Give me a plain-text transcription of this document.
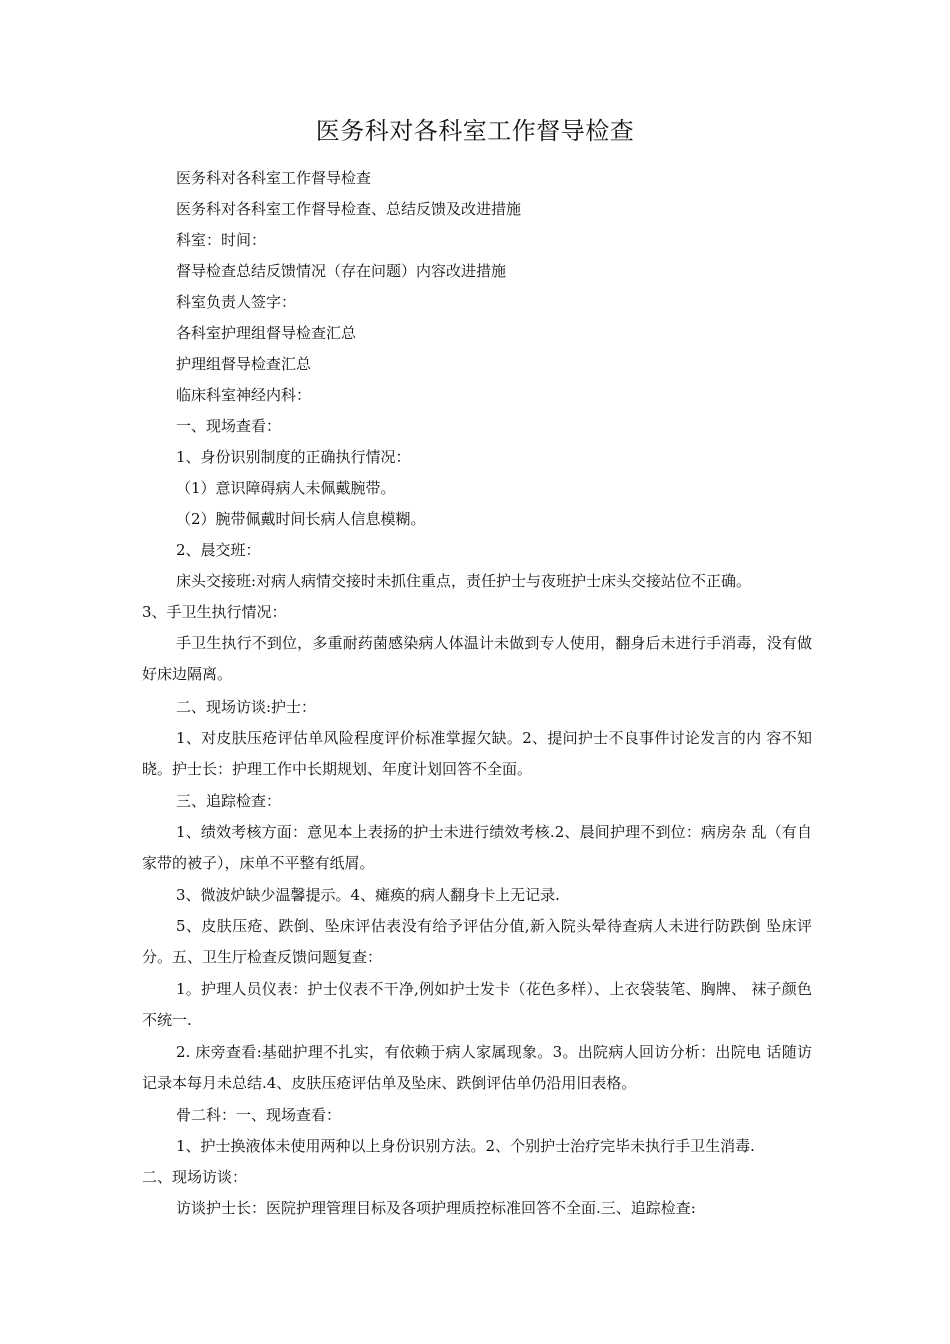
医务科对各科室工作督导检查
医务科对各科室工作督导检查
医务科对各科室工作督导检查、总结反馈及改进措施
科室：时间：
督导检查总结反馈情况（存在问题）内容改进措施
科室负责人签字：
各科室护理组督导检查汇总
护理组督导检查汇总
临床科室神经内科：
一、现场查看：
1、身份识别制度的正确执行情况：
（1）意识障碍病人未佩戴腕带。
（2）腕带佩戴时间长病人信息模糊。
2、晨交班：
床头交接班:对病人病情交接时未抓住重点，责任护士与夜班护士床头交接站位不正确。
3、手卫生执行情况：
手卫生执行不到位，多重耐药菌感染病人体温计未做到专人使用，翻身后未进行手消毒，没有做好床边隔离。
二、现场访谈:护士：
1、对皮肤压疮评估单风险程度评价标准掌握欠缺。2、提问护士不良事件讨论发言的内 容不知晓。护士长：护理工作中长期规划、年度计划回答不全面。
三、追踪检查：
1、绩效考核方面：意见本上表扬的护士未进行绩效考核.2、晨间护理不到位：病房杂 乱（有自家带的被子），床单不平整有纸屑。
3、微波炉缺少温馨提示。4、瘫痪的病人翻身卡上无记录.
5、皮肤压疮、跌倒、坠床评估表没有给予评估分值,新入院头晕待查病人未进行防跌倒 坠床评分。五、卫生厅检查反馈问题复查：
1。护理人员仪表：护士仪表不干净,例如护士发卡（花色多样）、上衣袋装笔、胸牌、 袜子颜色不统一.
2. 床旁查看:基础护理不扎实，有依赖于病人家属现象。3。出院病人回访分析：出院电 话随访记录本每月未总结.4、皮肤压疮评估单及坠床、跌倒评估单仍沿用旧表格。
骨二科：一、现场查看：
1、护士换液体未使用两种以上身份识别方法。2、个别护士治疗完毕未执行手卫生消毒.
二、现场访谈：
访谈护士长：医院护理管理目标及各项护理质控标准回答不全面.三、追踪检查:
